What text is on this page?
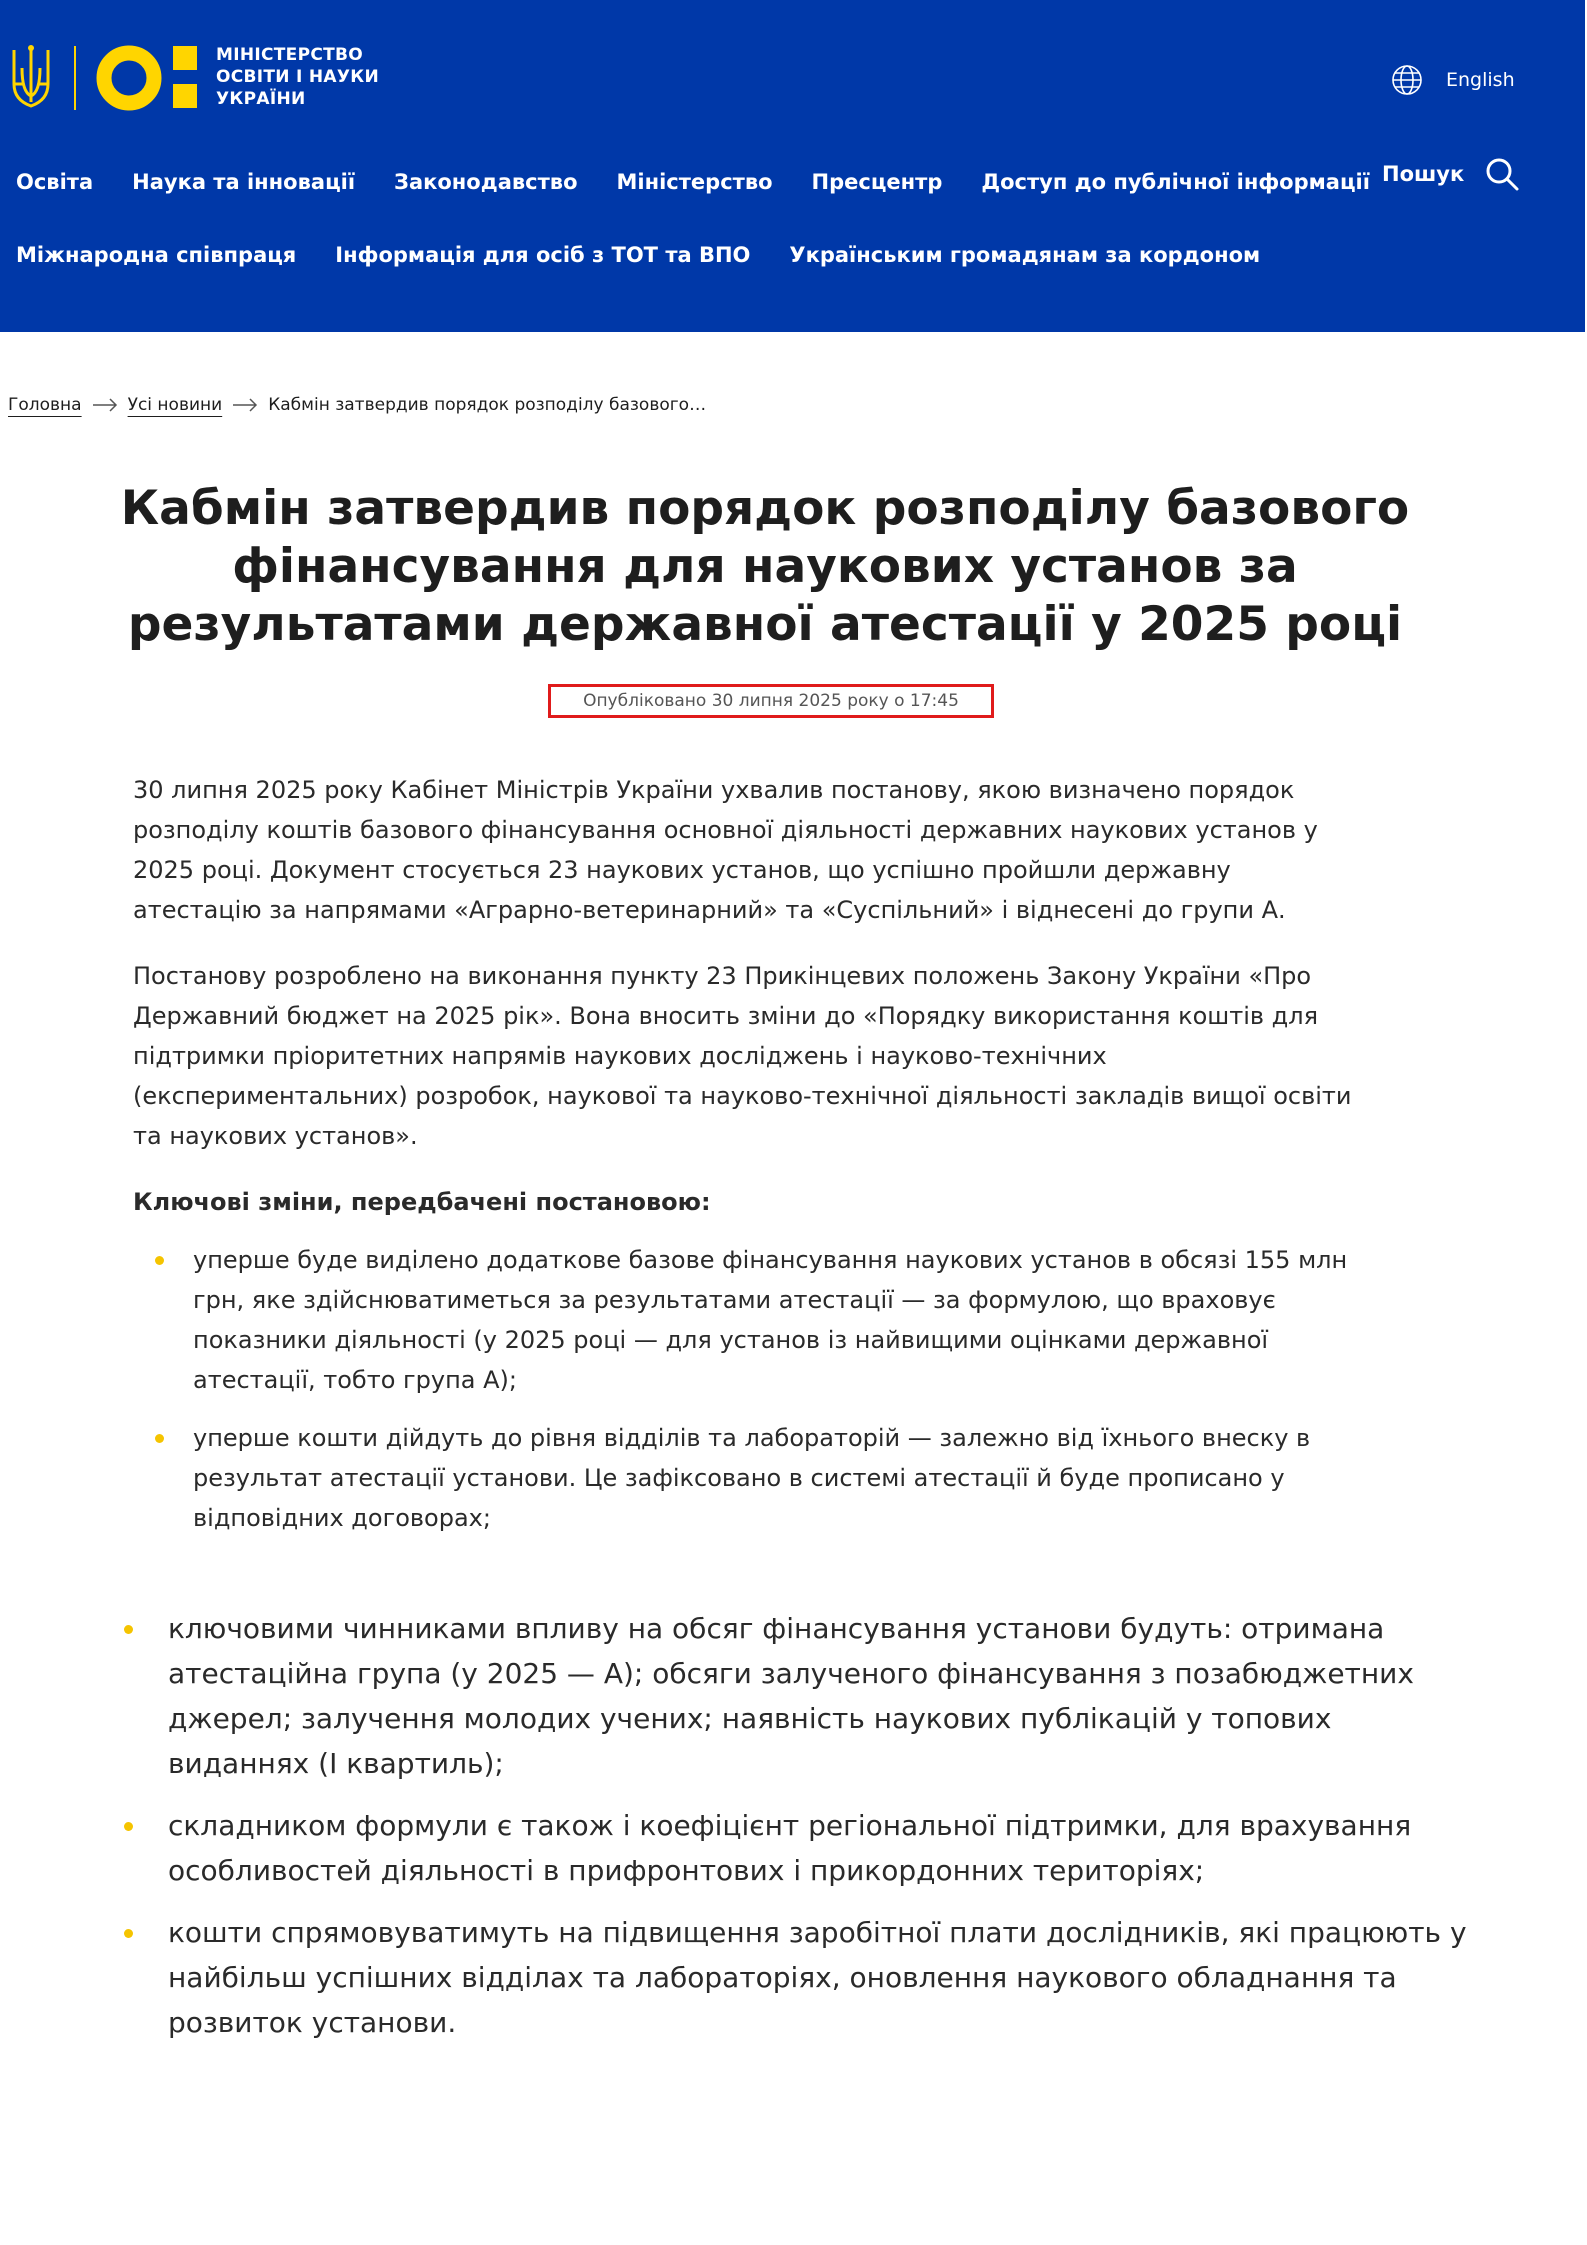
МІНІСТЕРСТВО
ОСВІТИ І НАУКИ
УКРАЇНИ
English
Освіта Наука та інновації Законодавство Міністерство Пресцентр Доступ до публічної інформації Пошук
Міжнародна співпраця Інформація для осіб з ТОТ та ВПО Українським громадянам за кордоном
Головна	Усі новини	Кабмін затвердив порядок розподілу базового…
Кабмін затвердив порядок розподілу базового фінансування для наукових установ за результатами державної атестації у 2025 році
Опубліковано 30 липня 2025 року о 17:45

30 липня 2025 року Кабінет Міністрів України ухвалив постанову, якою визначено порядок розподілу коштів базового фінансування основної діяльності державних наукових установ у 2025 році. Документ стосується 23 наукових установ, що успішно пройшли державну атестацію за напрямами «Аграрно-ветеринарний» та «Суспільний» і віднесені до групи А.

Постанову розроблено на виконання пункту 23 Прикінцевих положень Закону України «Про Державний бюджет на 2025 рік». Вона вносить зміни до «Порядку використання коштів для підтримки пріоритетних напрямів наукових досліджень і науково-технічних (експериментальних) розробок, наукової та науково-технічної діяльності закладів вищої освіти та наукових установ».

Ключові зміни, передбачені постановою:

уперше буде виділено додаткове базове фінансування наукових установ в обсязі 155 млн грн, яке здійснюватиметься за результатами атестації — за формулою, що враховує показники діяльності (у 2025 році — для установ із найвищими оцінками державної атестації, тобто група А);
уперше кошти дійдуть до рівня відділів та лабораторій — залежно від їхнього внеску в результат атестації установи. Це зафіксовано в системі атестації й буде прописано у відповідних договорах;
ключовими чинниками впливу на обсяг фінансування установи будуть: отримана атестаційна група (у 2025 — А); обсяги залученого фінансування з позабюджетних джерел; залучення молодих учених; наявність наукових публікацій у топових виданнях (I квартиль);
складником формули є також і коефіцієнт регіональної підтримки, для врахування особливостей діяльності в прифронтових і прикордонних територіях;
кошти спрямовуватимуть на підвищення заробітної плати дослідників, які працюють у найбільш успішних відділах та лабораторіях, оновлення наукового обладнання та розвиток установи.
